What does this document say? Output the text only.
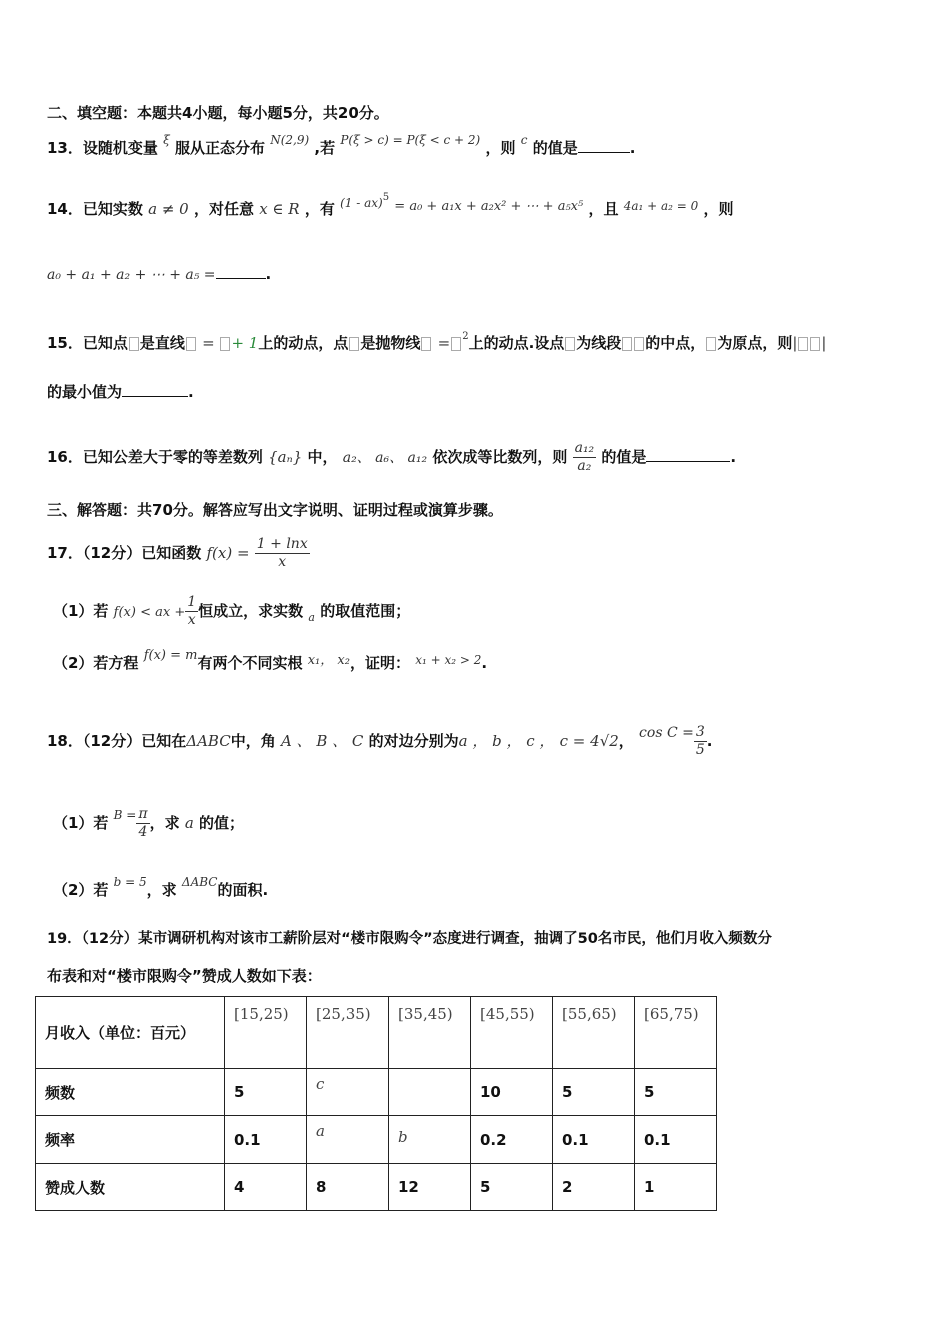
二、填空题：本题共4小题，每小题5分，共20分。
13．设随机变量 $^\xi$ 服从正态分布 $^{N(2,9)}$ ,若 $^{P(\xi > c) = P(\xi < c + 2)}$ ，则 $^c$ 的值是	.
14．已知实数 a ≠ 0 ，对任意 x ∈ R ，有 $^{(1 - ax)5}$ = a₀ + a₁x + a₂x² + ⋯ + a₅x⁵ ，且 $^{4a_1 + a_2 = 0}$ ，则
a₀ + a₁ + a₂ + ⋯ + a₅ =	.
15．已知点 是直线 = + 1上的动点，点 是抛物线 = $^2$上的动点.设点 为线段 的中点， 为原点，则| |
的最小值为	.
16．已知公差大于零的等差数列 {aₙ} 中， a₂、 a₆、 a₁₂ 依次成等比数列，则 $\frac{\text{a₁₂}}{\text{a₂}}$ 的值是	.
三、解答题：共70分。解答应写出文字说明、证明过程或演算步骤。
17．（12分）已知函数 $f(x) = \frac{1 + \ln x}{x}$
（1）若 f(x) < ax + $\frac{1}{x}$ 恒成立，求实数 $_a$ 的取值范围；
（2）若方程 f(x) = m有两个不同实根 x₁， x₂，证明： $^{x_1 + x_2 > 2}$.
18．（12分）已知在ΔABC中，角 A 、 B 、 C 的对边分别为a ， b ， c ， c = 4√2， $\cos C = \frac{3}{5}$ .
（1）若 $^{B =} \frac{\pi}{4}$ ，求 a 的值；
（2）若 $^{b = 5}$，求 $^{\Delta ABC}$的面积.
19．（12分）某市调研机构对该市工薪阶层对“楼市限购令”态度进行调查，抽调了50名市民，他们月收入频数分
布表和对“楼市限购令”赞成人数如下表：
月收入（单位：百元）	[15,25)	[25,35)	[35,45)	[45,55)	[55,65)	[65,75)
频数	5	c		10	5	5
频率	0.1	a	b	0.2	0.1	0.1
赞成人数	4	8	12	5	2	1
